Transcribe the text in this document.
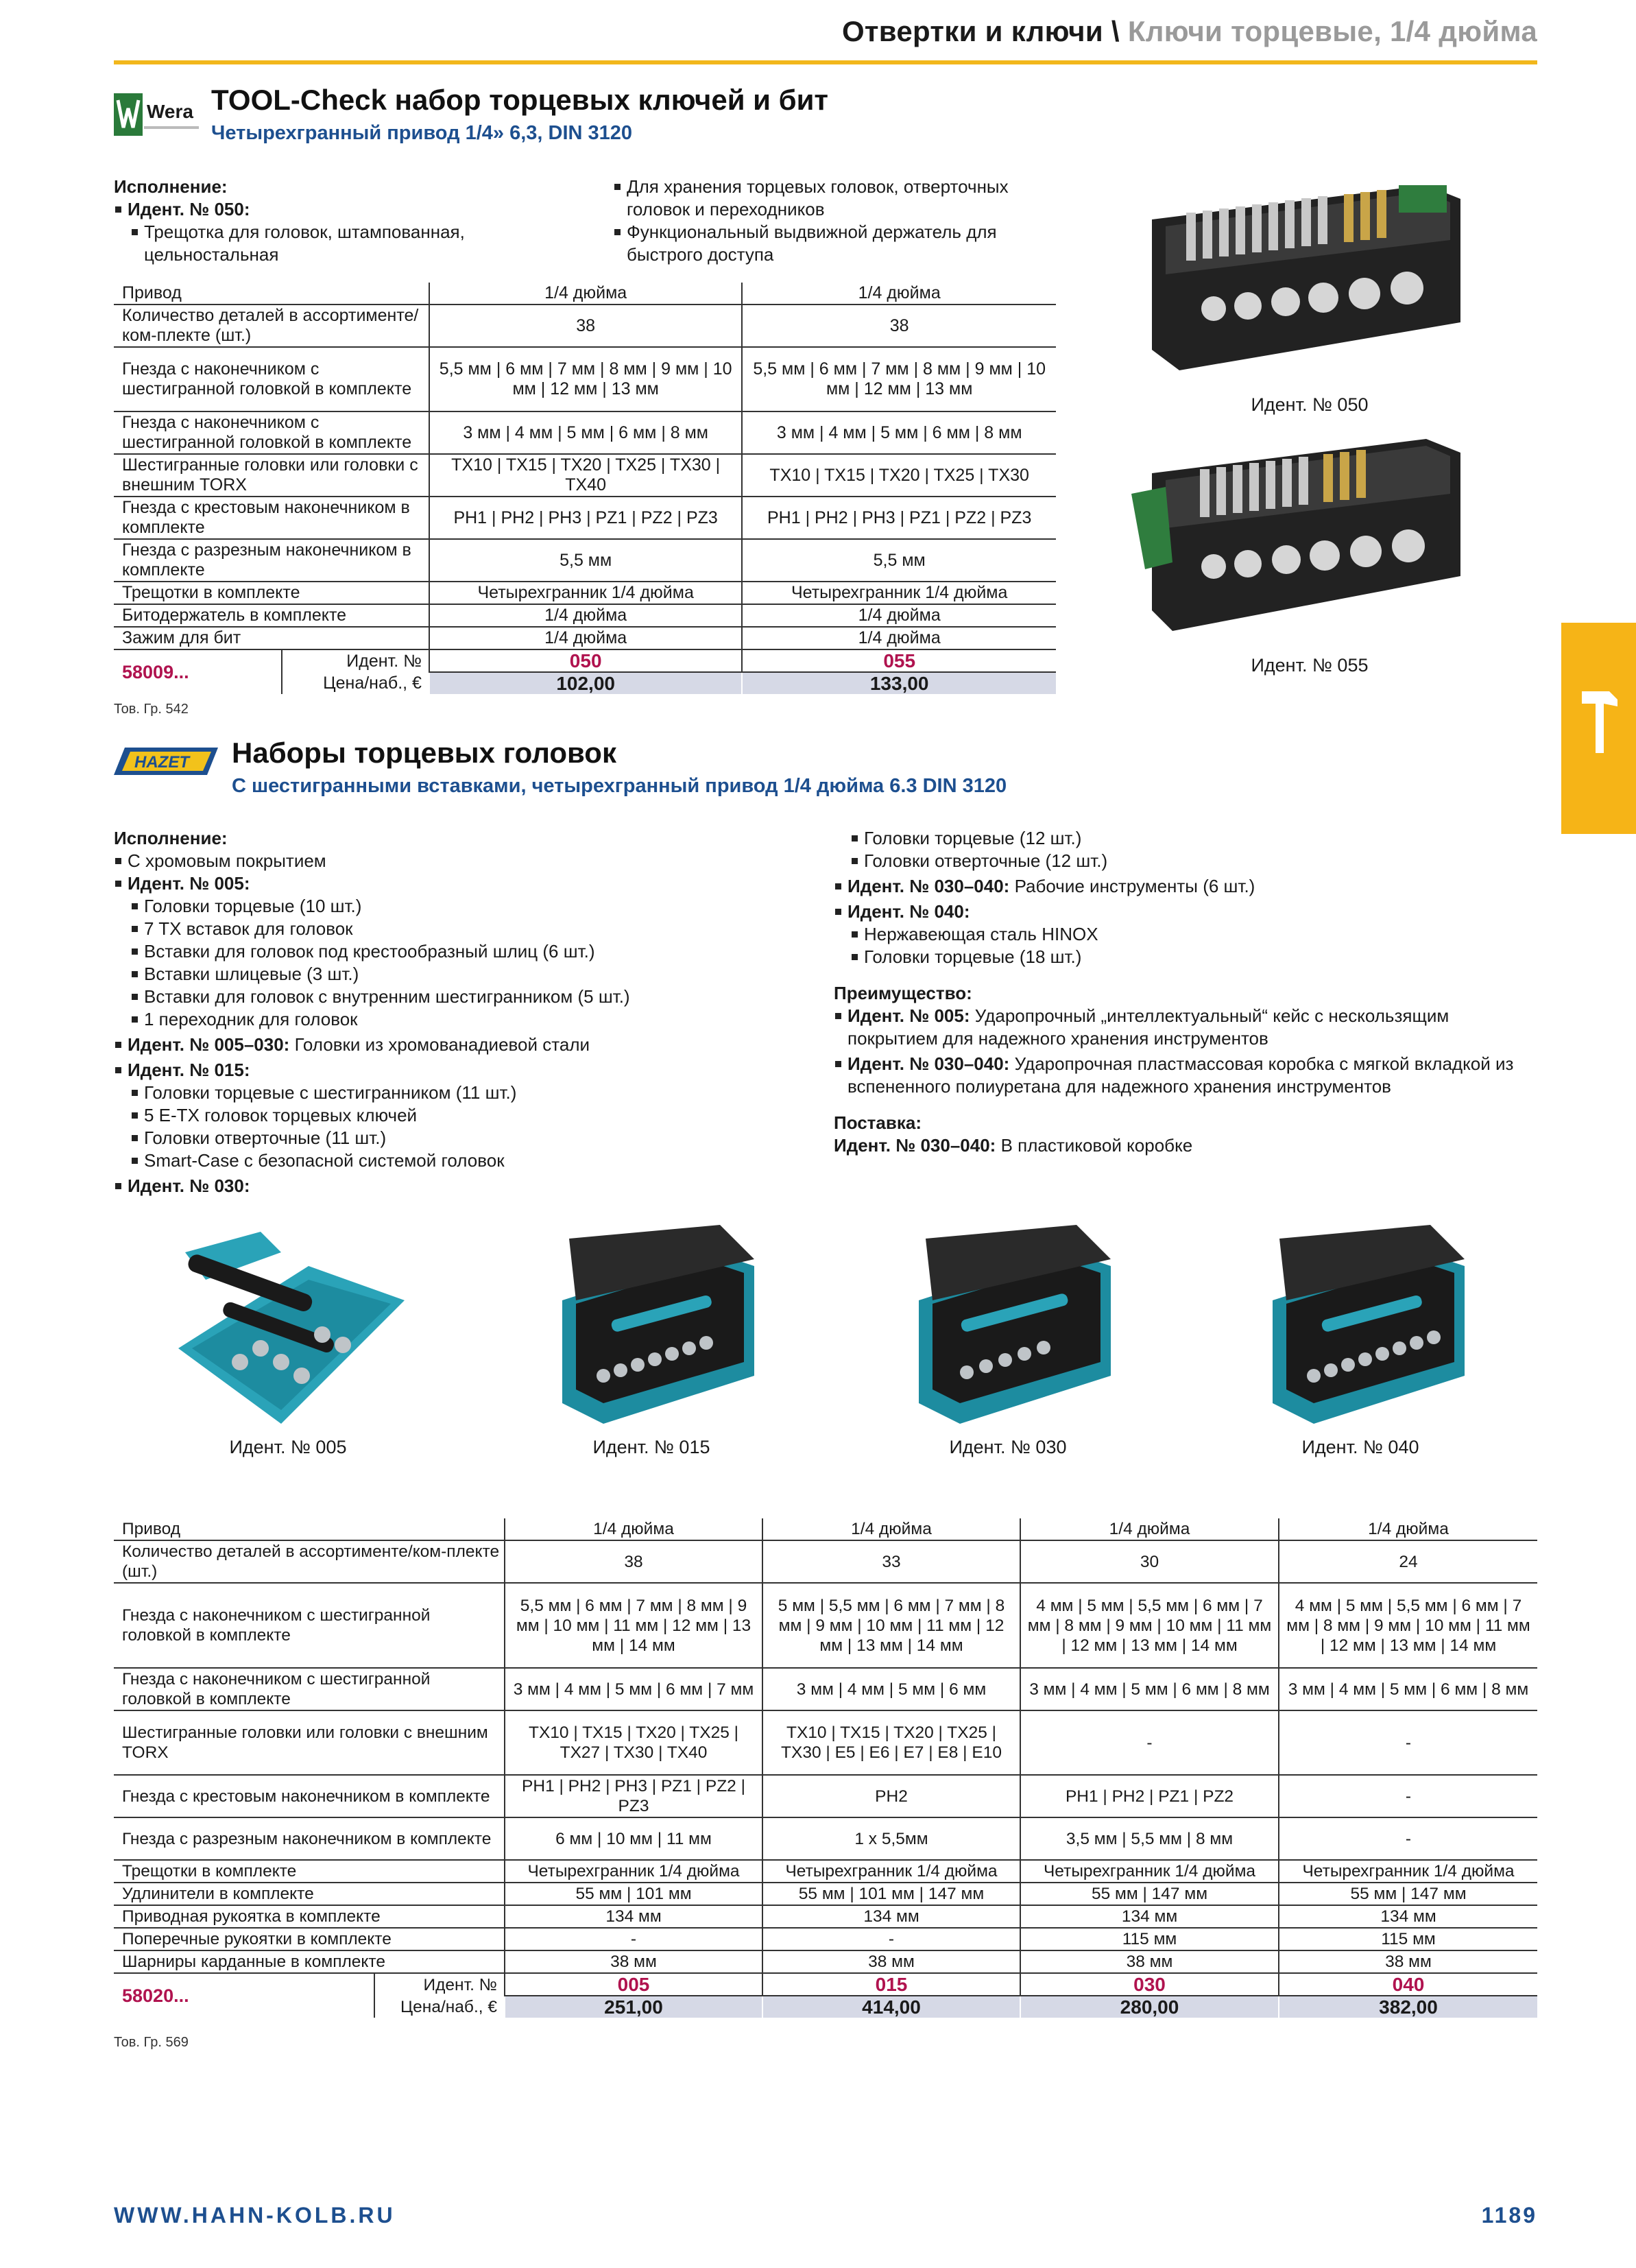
Отвертки и ключи \ Ключи торцевые, 1/4 дюйма
Wera TOOL-Check набор торцевых ключей и бит
Четырехгранный привод 1/4» 6,3, DIN 3120
Исполнение:
Идент. № 050:
Трещотка для головок, штампованная, цельностальная
Для хранения торцевых головок, отверточных головок и переходников
Функциональный выдвижной держатель для быстрого доступа
Привод		1/4 дюйма	1/4 дюйма
Количество деталей в ассортименте/ком-плекте (шт.)		38	38
Гнезда с наконечником с шестигранной головкой в комплекте		5,5 мм | 6 мм | 7 мм | 8 мм | 9 мм | 10 мм | 12 мм | 13 мм	5,5 мм | 6 мм | 7 мм | 8 мм | 9 мм | 10 мм | 12 мм | 13 мм
Гнезда с наконечником с шестигранной головкой в комплекте		3 мм | 4 мм | 5 мм | 6 мм | 8 мм	3 мм | 4 мм | 5 мм | 6 мм | 8 мм
Шестигранные головки или головки с внешним TORX		TX10 | TX15 | TX20 | TX25 | TX30 | TX40	TX10 | TX15 | TX20 | TX25 | TX30
Гнезда с крестовым наконечником в комплекте		PH1 | PH2 | PH3 | PZ1 | PZ2 | PZ3	PH1 | PH2 | PH3 | PZ1 | PZ2 | PZ3
Гнезда с разрезным наконечником в комплекте		5,5 мм	5,5 мм
Трещотки в комплекте		Четырехгранник 1/4 дюйма	Четырехгранник 1/4 дюйма
Битодержатель в комплекте		1/4 дюйма	1/4 дюйма
Зажим для бит		1/4 дюйма	1/4 дюйма
58009...	Идент. №	050	055
	Цена/наб., €	102,00	133,00
Тов. Гр. 542
Идент. № 050
Идент. № 055
HAZET Наборы торцевых головок
С шестигранными вставками, четырехгранный привод 1/4 дюйма 6.3 DIN 3120
Исполнение:
С хромовым покрытием
Идент. № 005:
Головки торцевые (10 шт.)
7 TX вставок для головок
Вставки для головок под крестообразный шлиц (6 шт.)
Вставки шлицевые (3 шт.)
Вставки для головок с внутренним шестигранником (5 шт.)
1 переходник для головок
Идент. № 005–030: Головки из хромованадиевой стали
Идент. № 015:
Головки торцевые с шестигранником (11 шт.)
5 E-TX головок торцевых ключей
Головки отверточные (11 шт.)
Smart-Case с безопасной системой головок
Идент. № 030:
Головки торцевые (12 шт.)
Головки отверточные (12 шт.)
Идент. № 030–040: Рабочие инструменты (6 шт.)
Идент. № 040:
Нержавеющая сталь HINOX
Головки торцевые (18 шт.)
Преимущество:
Идент. № 005: Ударопрочный „интеллектуальный“ кейс с нескользящим покрытием для надежного хранения инструментов
Идент. № 030–040: Ударопрочная пластмассовая коробка с мягкой вкладкой из вспененного полиуретана для надежного хранения инструментов
Поставка:
Идент. № 030–040: В пластиковой коробке
Идент. № 005	Идент. № 015	Идент. № 030	Идент. № 040
Привод		1/4 дюйма	1/4 дюйма	1/4 дюйма	1/4 дюйма
Количество деталей в ассортименте/ком-плекте (шт.)		38	33	30	24
Гнезда с наконечником с шестигранной головкой в комплекте		5,5 мм | 6 мм | 7 мм | 8 мм | 9 мм | 10 мм | 11 мм | 12 мм | 13 мм | 14 мм	5 мм | 5,5 мм | 6 мм | 7 мм | 8 мм | 9 мм | 10 мм | 11 мм | 12 мм | 13 мм | 14 мм	4 мм | 5 мм | 5,5 мм | 6 мм | 7 мм | 8 мм | 9 мм | 10 мм | 11 мм | 12 мм | 13 мм | 14 мм	4 мм | 5 мм | 5,5 мм | 6 мм | 7 мм | 8 мм | 9 мм | 10 мм | 11 мм | 12 мм | 13 мм | 14 мм
Гнезда с наконечником с шестигранной головкой в комплекте		3 мм | 4 мм | 5 мм | 6 мм | 7 мм	3 мм | 4 мм | 5 мм | 6 мм	3 мм | 4 мм | 5 мм | 6 мм | 8 мм	3 мм | 4 мм | 5 мм | 6 мм | 8 мм
Шестигранные головки или головки с внешним TORX		TX10 | TX15 | TX20 | TX25 | TX27 | TX30 | TX40	TX10 | TX15 | TX20 | TX25 | TX30 | E5 | E6 | E7 | E8 | E10	-	-
Гнезда с крестовым наконечником в комплекте		PH1 | PH2 | PH3 | PZ1 | PZ2 | PZ3	PH2	PH1 | PH2 | PZ1 | PZ2	-
Гнезда с разрезным наконечником в комплекте		6 мм | 10 мм | 11 мм	1 x 5,5мм	3,5 мм | 5,5 мм | 8 мм	-
Трещотки в комплекте		Четырехгранник 1/4 дюйма	Четырехгранник 1/4 дюйма	Четырехгранник 1/4 дюйма	Четырехгранник 1/4 дюйма
Удлинители в комплекте		55 мм | 101 мм	55 мм | 101 мм | 147 мм	55 мм | 147 мм	55 мм | 147 мм
Приводная рукоятка в комплекте		134 мм	134 мм	134 мм	134 мм
Поперечные рукоятки в комплекте		-	-	115 мм	115 мм
Шарниры карданные в комплекте		38 мм	38 мм	38 мм	38 мм
58020...	Идент. №	005	015	030	040
	Цена/наб., €	251,00	414,00	280,00	382,00
Тов. Гр. 569
WWW.HAHN-KOLB.RU	1189
